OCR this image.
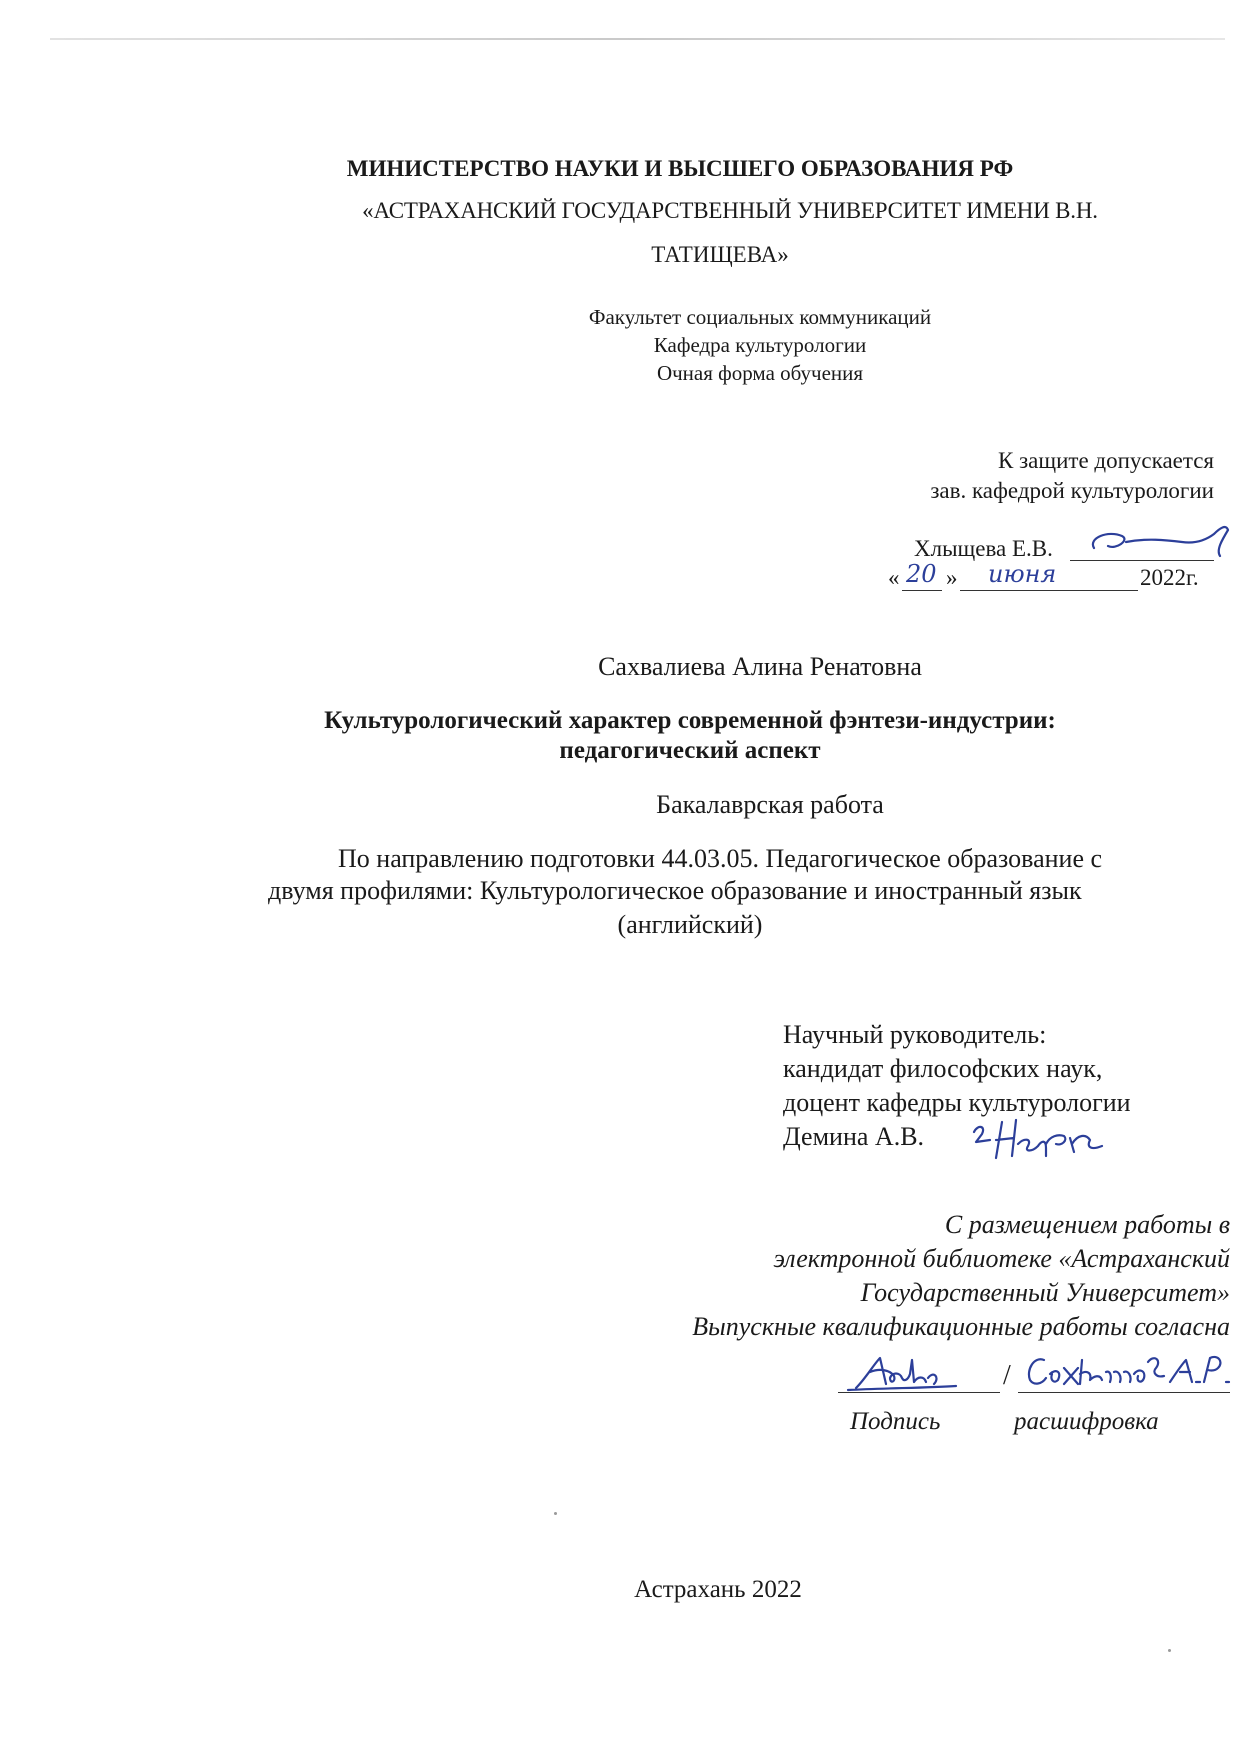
МИНИСТЕРСТВО НАУКИ И ВЫСШЕГО ОБРАЗОВАНИЯ РФ
«АСТРАХАНСКИЙ ГОСУДАРСТВЕННЫЙ УНИВЕРСИТЕТ ИМЕНИ В.Н.
ТАТИЩЕВА»
Факультет социальных коммуникаций
Кафедра культурологии
Очная форма обучения
К защите допускается
зав. кафедрой культурологии
Хлыщева Е.В.
« 20 » июня	2022г.
Сахвалиева Алина Ренатовна
Культурологический характер современной фэнтези-индустрии:
педагогический аспект
Бакалаврская работа
По направлению подготовки 44.03.05. Педагогическое образование с
двумя профилями: Культурологическое образование и иностранный язык
(английский)
Научный руководитель:
кандидат философских наук,
доцент кафедры культурологии
Демина А.В.
С размещением работы в
электронной библиотеке «Астраханский
Государственный Университет»
Выпускные квалификационные работы согласна
/
Подпись	расшифровка
Астрахань 2022
